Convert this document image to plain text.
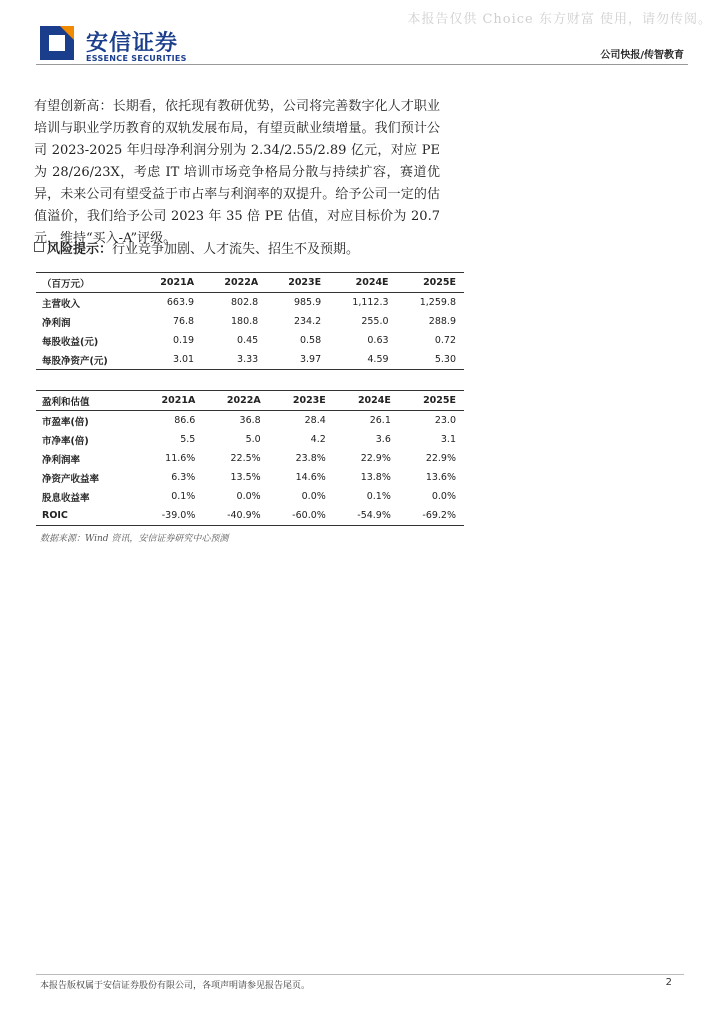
本报告仅供 Choice 东方财富 使用，请勿传阅。
安信证券
ESSENCE SECURITIES	公司快报/传智教育

有望创新高：长期看，依托现有教研优势，公司将完善数字化人才职业培训与职业学历教育的双轨发展布局，有望贡献业绩增量。我们预计公司 2023-2025 年归母净利润分别为 2.34/2.55/2.89 亿元，对应 PE 为 28/26/23X，考虑 IT 培训市场竞争格局分散与持续扩容，赛道优异，未来公司有望受益于市占率与利润率的双提升。给予公司一定的估值溢价，我们给予公司 2023 年 35 倍 PE 估值，对应目标价为 20.7 元，维持“买入-A”评级。

风险提示：行业竞争加剧、人才流失、招生不及预期。
（百万元）	2021A	2022A	2023E	2024E	2025E
主营收入	663.9	802.8	985.9	1,112.3	1,259.8
净利润	76.8	180.8	234.2	255.0	288.9
每股收益(元)	0.19	0.45	0.58	0.63	0.72
每股净资产(元)	3.01	3.33	3.97	4.59	5.30
盈利和估值	2021A	2022A	2023E	2024E	2025E
市盈率(倍)	86.6	36.8	28.4	26.1	23.0
市净率(倍)	5.5	5.0	4.2	3.6	3.1
净利润率	11.6%	22.5%	23.8%	22.9%	22.9%
净资产收益率	6.3%	13.5%	14.6%	13.8%	13.6%
股息收益率	0.1%	0.0%	0.0%	0.1%	0.0%
ROIC	-39.0%	-40.9%	-60.0%	-54.9%	-69.2%
数据来源：Wind 资讯，安信证券研究中心预测
本报告版权属于安信证券股份有限公司，各项声明请参见报告尾页。	2
